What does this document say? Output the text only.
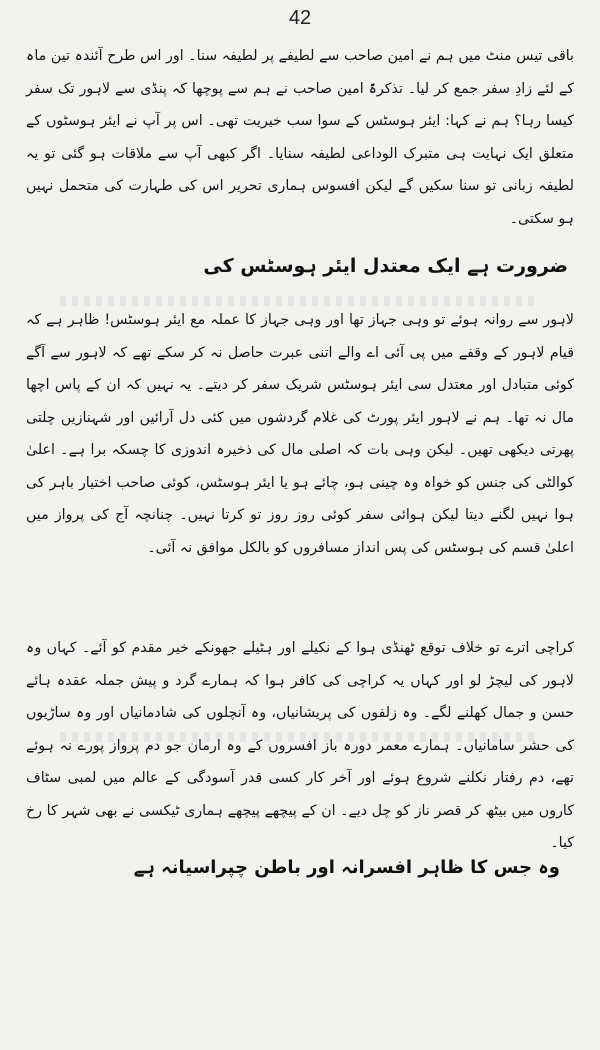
42

باقی تیس منٹ میں ہم نے امین صاحب سے لطیفے پر لطیفہ سنا۔ اور اس طرح آئندہ تین ماہ کے لئے زادِ سفر جمع کر لیا۔ تذکرۃً امین صاحب نے ہم سے پوچھا کہ پنڈی سے لاہور تک سفر کیسا رہا؟ ہم نے کہا: ایئر ہوسٹس کے سوا سب خیریت تھی۔ اس پر آپ نے ایئر ہوسٹوں کے متعلق ایک نہایت ہی متبرک الوداعی لطیفہ سنایا۔ اگر کبھی آپ سے ملاقات ہو گئی تو یہ لطیفہ زبانی تو سنا سکیں گے لیکن افسوس ہماری تحریر اس کی طہارت کی متحمل نہیں ہو سکتی۔

ضرورت ہے ایک معتدل ایئر ہوسٹس کی

لاہور سے روانہ ہوئے تو وہی جہاز تھا اور وہی جہاز کا عملہ مع ایئر ہوسٹس! ظاہر ہے کہ قیام لاہور کے وقفے میں پی آئی اے والے اتنی عبرت حاصل نہ کر سکے تھے کہ لاہور سے آگے کوئی متبادل اور معتدل سی ایئر ہوسٹس شریک سفر کر دیتے۔ یہ نہیں کہ ان کے پاس اچھا مال نہ تھا۔ ہم نے لاہور ایئر پورٹ کی غلام گردشوں میں کئی دل آرائیں اور شہنازیں چلتی پھرتی دیکھی تھیں۔ لیکن وہی بات کہ اصلی مال کی ذخیرہ اندوزی کا چسکہ برا ہے۔ اعلیٰ کوالٹی کی جنس کو خواہ وہ چینی ہو، چائے ہو یا ایئر ہوسٹس، کوئی صاحب اختیار باہر کی ہوا نہیں لگنے دیتا لیکن ہوائی سفر کوئی روز روز تو کرتا نہیں۔ چنانچہ آج کی پرواز میں اعلیٰ قسم کی ہوسٹس کی پس انداز مسافروں کو بالکل موافق نہ آئی۔

کراچی اترے تو خلاف توقع ٹھنڈی ہوا کے نکیلے اور ہٹیلے جھونکے خیر مقدم کو آئے۔ کہاں وہ لاہور کی لیچڑ لو اور کہاں یہ کراچی کی کافر ہوا کہ ہمارے گرد و پیش جملہ عقدہ ہائے حسن و جمال کھلنے لگے۔ وہ زلفوں کی پریشانیاں، وہ آنچلوں کی شادمانیاں اور وہ ساڑیوں کی حشر سامانیاں۔ ہمارے معمر دورہ باز افسروں کے وہ ارمان جو دم پرواز پورے نہ ہوئے تھے، دم رفتار نکلنے شروع ہوئے اور آخر کار کسی قدر آسودگی کے عالم میں لمبی سٹاف کاروں میں بیٹھ کر قصر ناز کو چل دیے۔ ان کے پیچھے پیچھے ہماری ٹیکسی نے بھی شہر کا رخ کیا۔

وہ جس کا ظاہر افسرانہ اور باطن چپراسیانہ ہے
